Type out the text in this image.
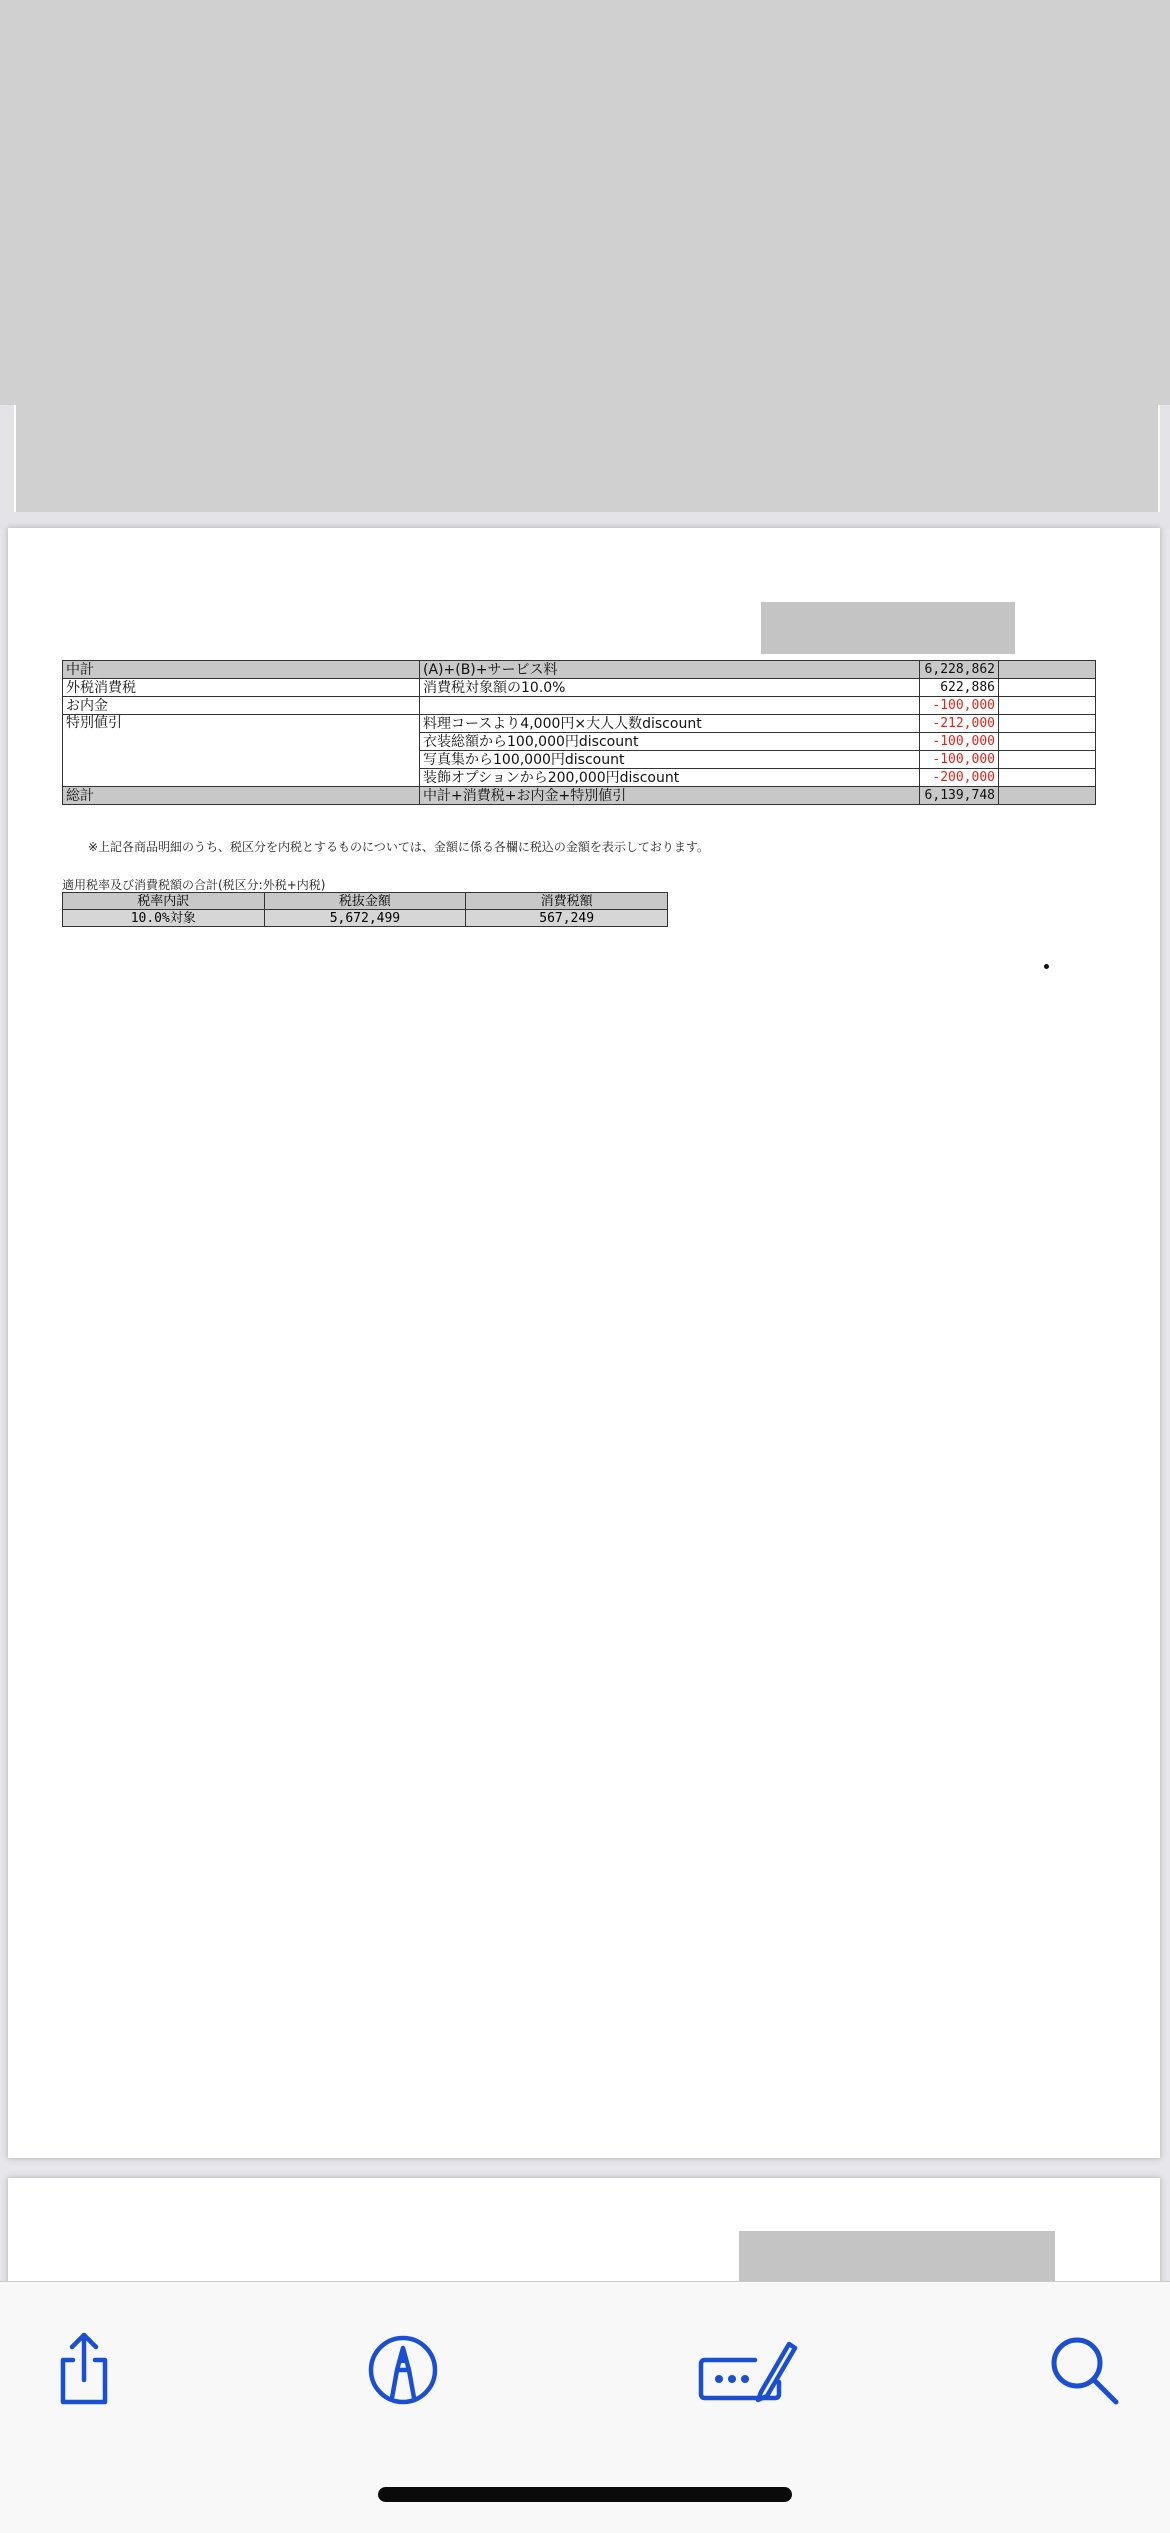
中計	(A)+(B)+サービス料	6,228,862	
外税消費税	消費税対象額の10.0%	622,886	
お内金		-100,000	
特別値引	料理コースより4,000円×大人人数discount	-212,000	
	衣装総額から100,000円discount	-100,000	
	写真集から100,000円discount	-100,000	
	装飾オプションから200,000円discount	-200,000	
総計	中計+消費税+お内金+特別値引	6,139,748	
※上記各商品明細のうち、税区分を内税とするものについては、金額に係る各欄に税込の金額を表示しております。
適用税率及び消費税額の合計(税区分:外税+内税)
税率内訳	税抜金額	消費税額
10.0%対象	5,672,499	567,249
